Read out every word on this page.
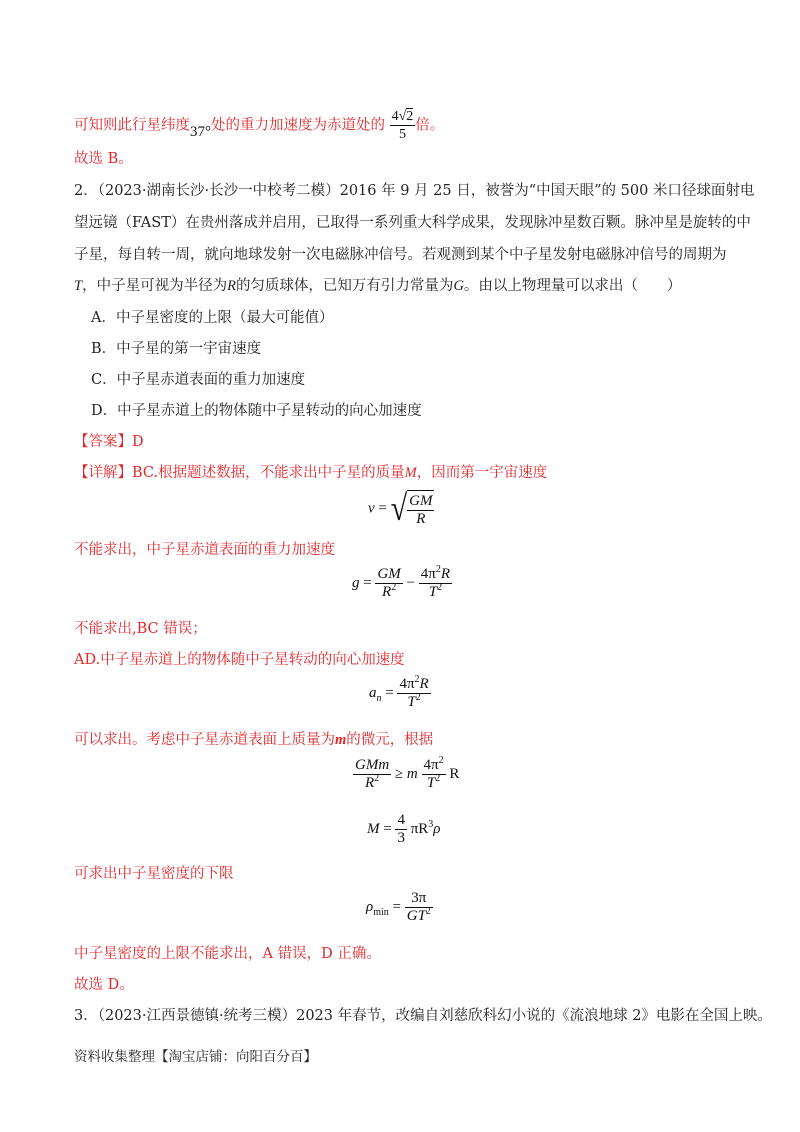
可知则此行星纬度37°处的重力加速度为赤道处的 $\frac{4√2}{5}$ 倍。
故选 B。
2．（2023·湖南长沙·长沙一中校考二模）2016 年 9 月 25 日，被誉为“中国天眼”的 500 米口径球面射电
望远镜（FAST）在贵州落成并启用，已取得一系列重大科学成果，发现脉冲星数百颗。脉冲星是旋转的中
子星，每自转一周，就向地球发射一次电磁脉冲信号。若观测到某个中子星发射电磁脉冲信号的周期为
T，中子星可视为半径为R的匀质球体，已知万有引力常量为G。由以上物理量可以求出（　　）
A．中子星密度的上限（最大可能值）
B．中子星的第一宇宙速度
C．中子星赤道表面的重力加速度
D．中子星赤道上的物体随中子星转动的向心加速度
【答案】D
【详解】BC.根据题述数据，不能求出中子星的质量M，因而第一宇宙速度
v = √ $\frac{GM}{R}$
不能求出，中子星赤道表面的重力加速度
$g = \frac{GM}{R^2} - \frac{4\pi^2R}{T^2}$
不能求出,BC 错误；
AD.中子星赤道上的物体随中子星转动的向心加速度
$a_n = \frac{4\pi^2R}{T^2}$
可以求出。考虑中子星赤道表面上质量为m的微元，根据
$\frac{\text{GMm}}{R^2} \ge m \frac{4\pi^2}{T^2}$ R
$M = \frac{4}{3} \pi R^3\rho$
可求出中子星密度的下限
$\rho_{min} = \frac{3\pi}{GT^2}$
中子星密度的上限不能求出，A 错误，D 正确。
故选 D。
3．（2023·江西景德镇·统考三模）2023 年春节，改编自刘慈欣科幻小说的《流浪地球 2》电影在全国上映。
资料收集整理【淘宝店铺：向阳百分百】
